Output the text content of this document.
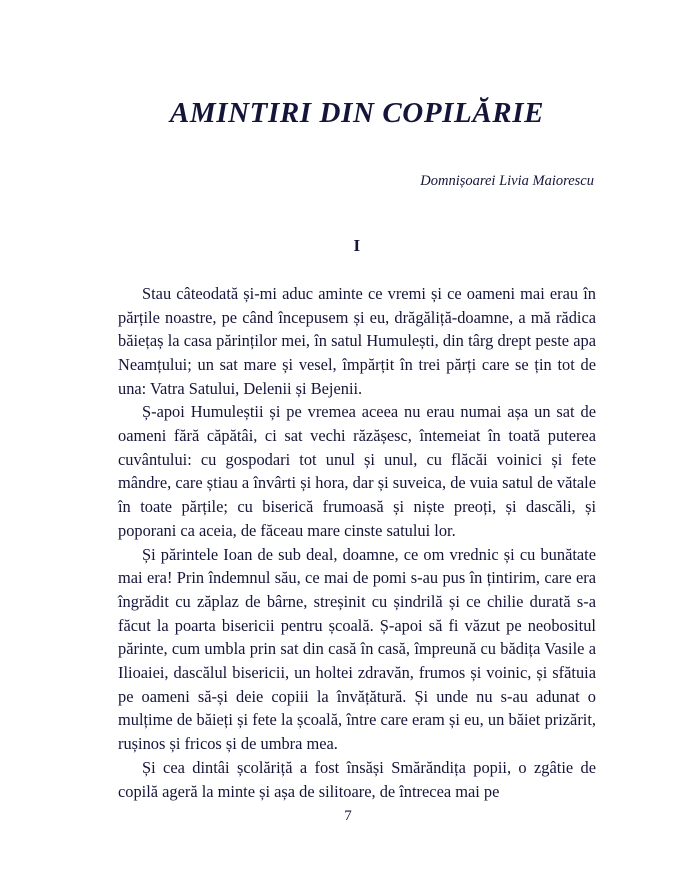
AMINTIRI DIN COPILĂRIE
Domnișoarei Livia Maiorescu
I

Stau câteodată și-mi aduc aminte ce vremi și ce oameni mai erau în părțile noastre, pe când începusem și eu, drăgăliță-doamne, a mă rădica băiețaș la casa părinților mei, în satul Humulești, din târg drept peste apa Neamțului; un sat mare și vesel, împărțit în trei părți care se țin tot de una: Vatra Satului, Delenii și Bejenii.

Ș-apoi Humuleștii și pe vremea aceea nu erau numai așa un sat de oameni fără căpătâi, ci sat vechi răzășesc, întemeiat în toată puterea cuvântului: cu gospodari tot unul și unul, cu flăcăi voinici și fete mândre, care știau a învârti și hora, dar și suveica, de vuia satul de vătale în toate părțile; cu biserică frumoasă și niște preoți, și dascăli, și poporani ca aceia, de făceau mare cinste satului lor.

Și părintele Ioan de sub deal, doamne, ce om vrednic și cu bunătate mai era! Prin îndemnul său, ce mai de pomi s-au pus în țintirim, care era îngrădit cu zăplaz de bârne, streșinit cu șindrilă și ce chilie durată s-a făcut la poarta bisericii pentru școală. Ș-apoi să fi văzut pe neobositul părinte, cum umbla prin sat din casă în casă, împreună cu bădița Vasile a Ilioaiei, dascălul bisericii, un holtei zdravăn, frumos și voinic, și sfătuia pe oameni să-și deie copiii la învățătură. Și unde nu s-au adunat o mulțime de băieți și fete la școală, între care eram și eu, un băiet prizărit, rușinos și fricos și de umbra mea.

Și cea dintâi școlăriță a fost însăși Smărăndița popii, o zgâtie de copilă ageră la minte și așa de silitoare, de întrecea mai pe

7
